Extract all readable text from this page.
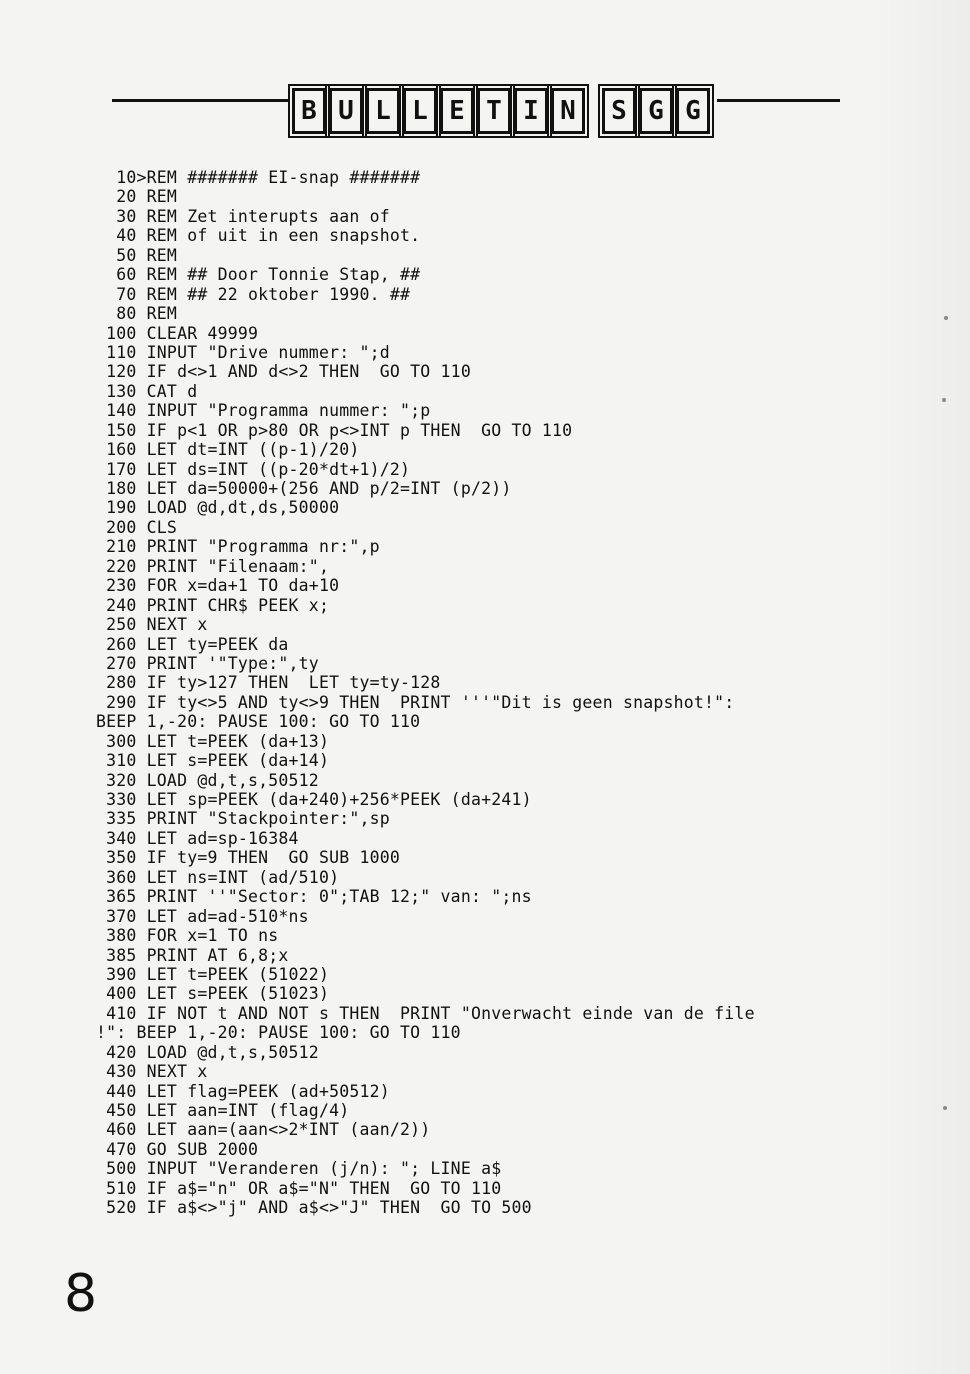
B U L L E T I N	S G G
10>REM ####### EI-snap #######
20 REM
30 REM Zet interupts aan of
40 REM of uit in een snapshot.
50 REM
60 REM ## Door Tonnie Stap, ##
70 REM ## 22 oktober 1990. ##
80 REM
100 CLEAR 49999
110 INPUT "Drive nummer: ";d
120 IF d<>1 AND d<>2 THEN  GO TO 110
130 CAT d
140 INPUT "Programma nummer: ";p
150 IF p<1 OR p>80 OR p<>INT p THEN  GO TO 110
160 LET dt=INT ((p-1)/20)
170 LET ds=INT ((p-20*dt+1)/2)
180 LET da=50000+(256 AND p/2=INT (p/2))
190 LOAD @d,dt,ds,50000
200 CLS
210 PRINT "Programma nr:",p
220 PRINT "Filenaam:",
230 FOR x=da+1 TO da+10
240 PRINT CHR$ PEEK x;
250 NEXT x
260 LET ty=PEEK da
270 PRINT '"Type:",ty
280 IF ty>127 THEN  LET ty=ty-128
290 IF ty<>5 AND ty<>9 THEN  PRINT '''"Dit is geen snapshot!":
BEEP 1,-20: PAUSE 100: GO TO 110
300 LET t=PEEK (da+13)
310 LET s=PEEK (da+14)
320 LOAD @d,t,s,50512
330 LET sp=PEEK (da+240)+256*PEEK (da+241)
335 PRINT "Stackpointer:",sp
340 LET ad=sp-16384
350 IF ty=9 THEN  GO SUB 1000
360 LET ns=INT (ad/510)
365 PRINT ''"Sector: 0";TAB 12;" van: ";ns
370 LET ad=ad-510*ns
380 FOR x=1 TO ns
385 PRINT AT 6,8;x
390 LET t=PEEK (51022)
400 LET s=PEEK (51023)
410 IF NOT t AND NOT s THEN  PRINT "Onverwacht einde van de file
!": BEEP 1,-20: PAUSE 100: GO TO 110
420 LOAD @d,t,s,50512
430 NEXT x
440 LET flag=PEEK (ad+50512)
450 LET aan=INT (flag/4)
460 LET aan=(aan<>2*INT (aan/2))
470 GO SUB 2000
500 INPUT "Veranderen (j/n): "; LINE a$
510 IF a$="n" OR a$="N" THEN  GO TO 110
520 IF a$<>"j" AND a$<>"J" THEN  GO TO 500
8
